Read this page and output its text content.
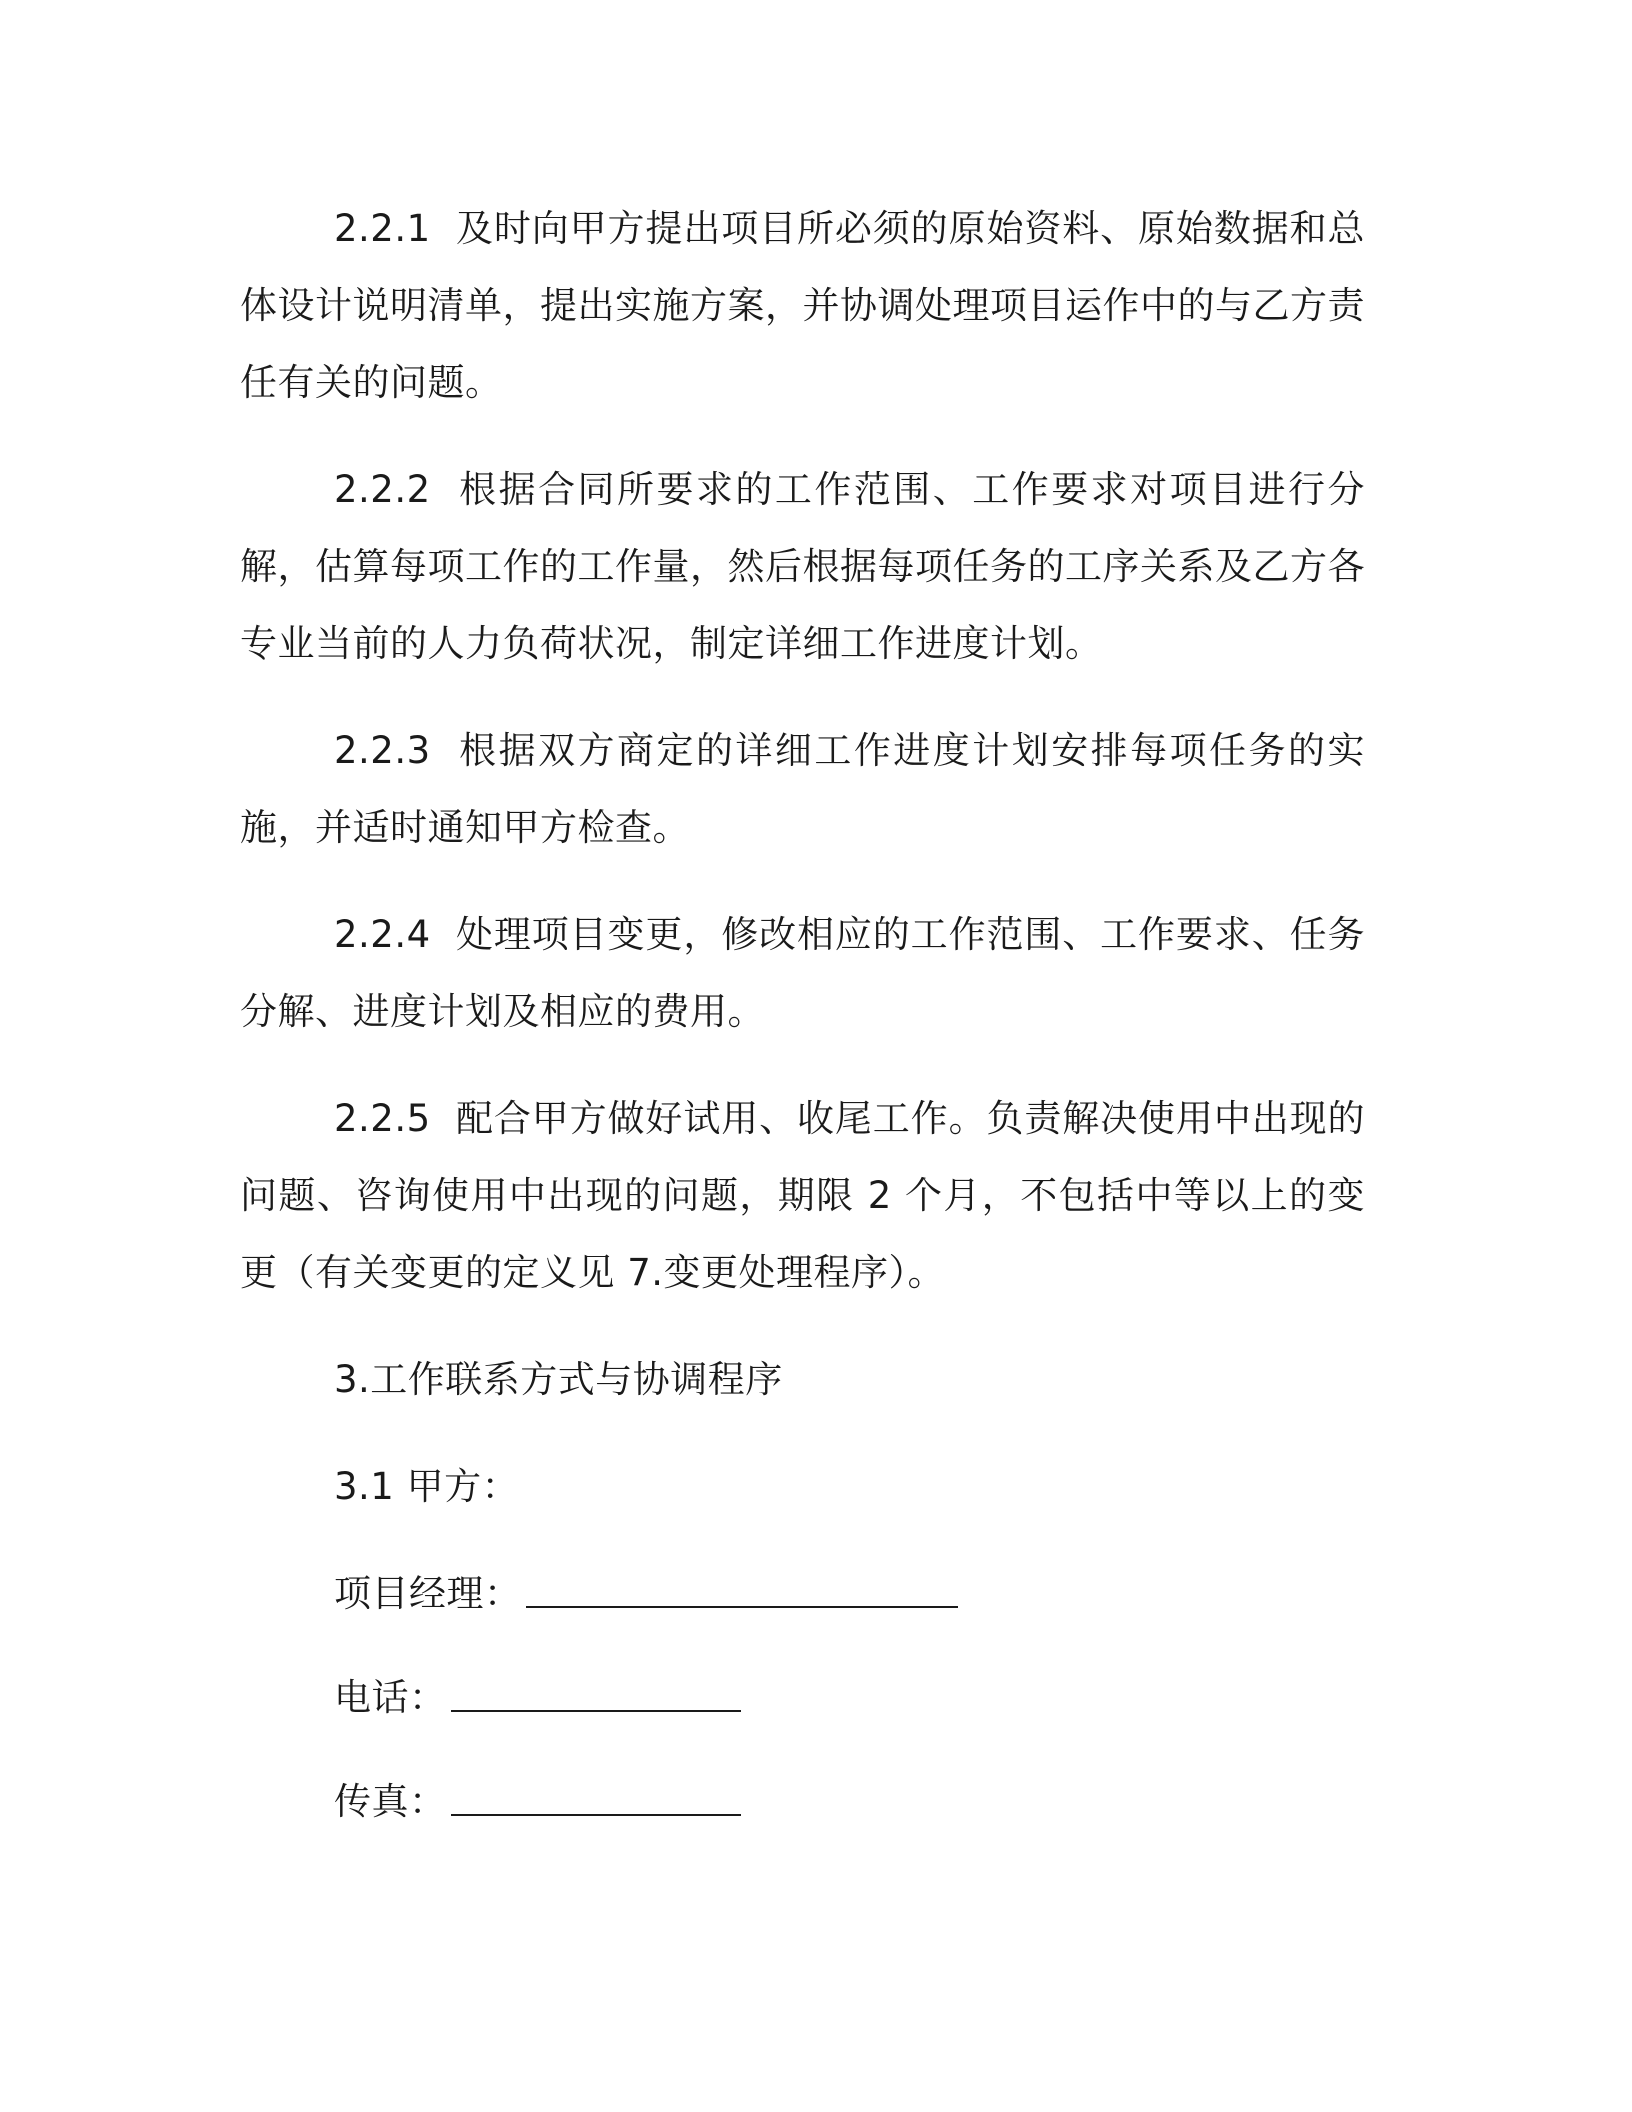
2.2.1 及时向甲方提出项目所必须的原始资料、原始数据和总体设计说明清单，提出实施方案，并协调处理项目运作中的与乙方责任有关的问题。

2.2.2 根据合同所要求的工作范围、工作要求对项目进行分解，估算每项工作的工作量，然后根据每项任务的工序关系及乙方各专业当前的人力负荷状况，制定详细工作进度计划。

2.2.3 根据双方商定的详细工作进度计划安排每项任务的实施，并适时通知甲方检查。

2.2.4 处理项目变更，修改相应的工作范围、工作要求、任务分解、进度计划及相应的费用。

2.2.5 配合甲方做好试用、收尾工作。负责解决使用中出现的问题、咨询使用中出现的问题，期限 2 个月，不包括中等以上的变更（有关变更的定义见 7.变更处理程序）。

3.工作联系方式与协调程序

3.1 甲方：

项目经理：

电话：

传真：
